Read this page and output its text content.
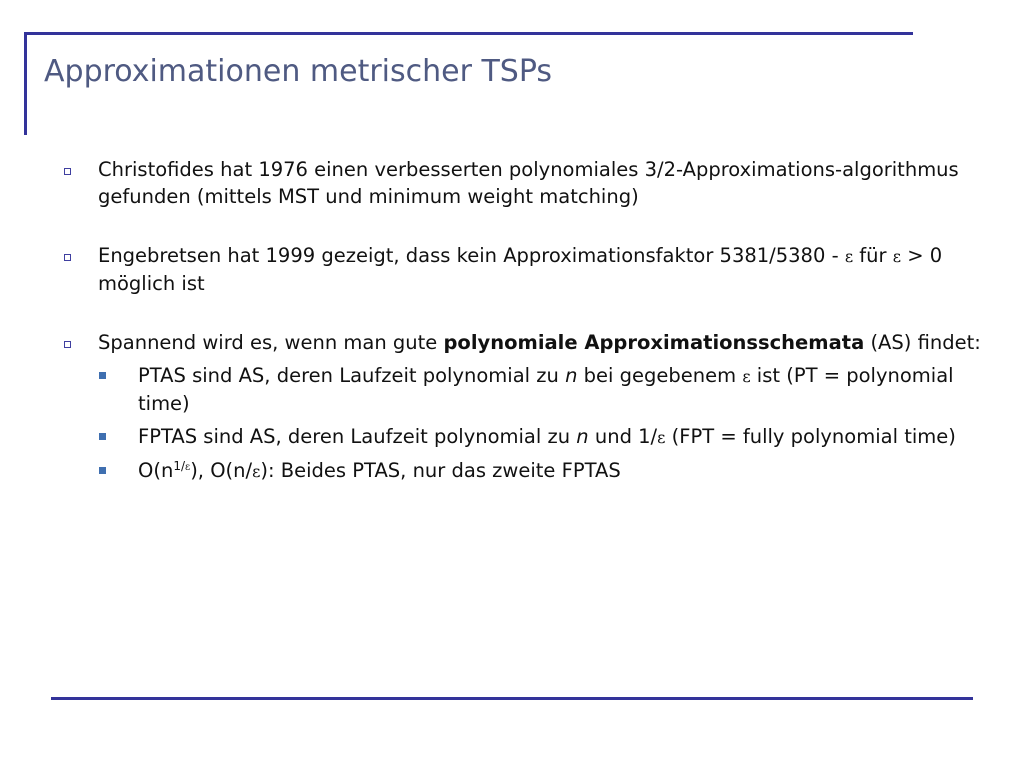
Approximationen metrischer TSPs
Christofides hat 1976 einen verbesserten polynomiales 3/2-Approximations-algorithmus gefunden (mittels MST und minimum weight matching)
Engebretsen hat 1999 gezeigt, dass kein Approximationsfaktor 5381/5380 - ε für ε > 0 möglich ist
Spannend wird es, wenn man gute polynomiale Approximationsschemata (AS) findet:
PTAS sind AS, deren Laufzeit polynomial zu n bei gegebenem ε ist (PT = polynomial time)
FPTAS sind AS, deren Laufzeit polynomial zu n und 1/ε (FPT = fully polynomial time)
$O(n^{1/\varepsilon})$, O(n/ε): Beides PTAS, nur das zweite FPTAS
